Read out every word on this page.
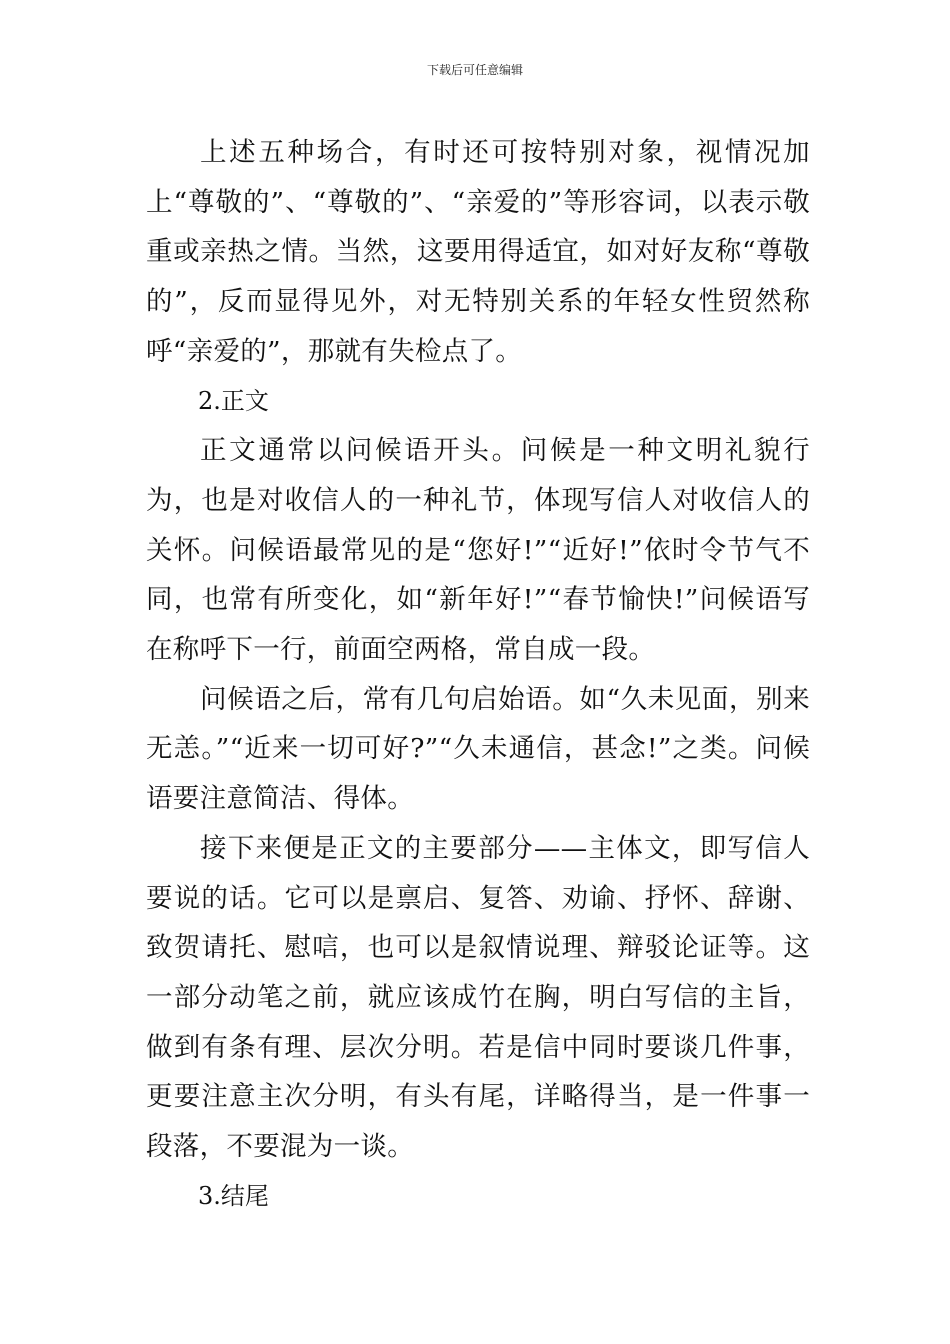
下载后可任意编辑

上述五种场合，有时还可按特别对象，视情况加上“尊敬的”、“尊敬的”、“亲爱的”等形容词，以表示敬重或亲热之情。当然，这要用得适宜，如对好友称“尊敬的”，反而显得见外，对无特别关系的年轻女性贸然称呼“亲爱的”，那就有失检点了。

2.正文

正文通常以问候语开头。问候是一种文明礼貌行为，也是对收信人的一种礼节，体现写信人对收信人的关怀。问候语最常见的是“您好!”“近好!”依时令节气不同，也常有所变化，如“新年好!”“春节愉快!”问候语写在称呼下一行，前面空两格，常自成一段。

问候语之后，常有几句启始语。如“久未见面，别来无恙。”“近来一切可好?”“久未通信，甚念!”之类。问候语要注意简洁、得体。

接下来便是正文的主要部分——主体文，即写信人要说的话。它可以是禀启、复答、劝谕、抒怀、辞谢、致贺请托、慰唁，也可以是叙情说理、辩驳论证等。这一部分动笔之前，就应该成竹在胸，明白写信的主旨，做到有条有理、层次分明。若是信中同时要谈几件事，更要注意主次分明，有头有尾，详略得当，是一件事一段落，不要混为一谈。

3.结尾
